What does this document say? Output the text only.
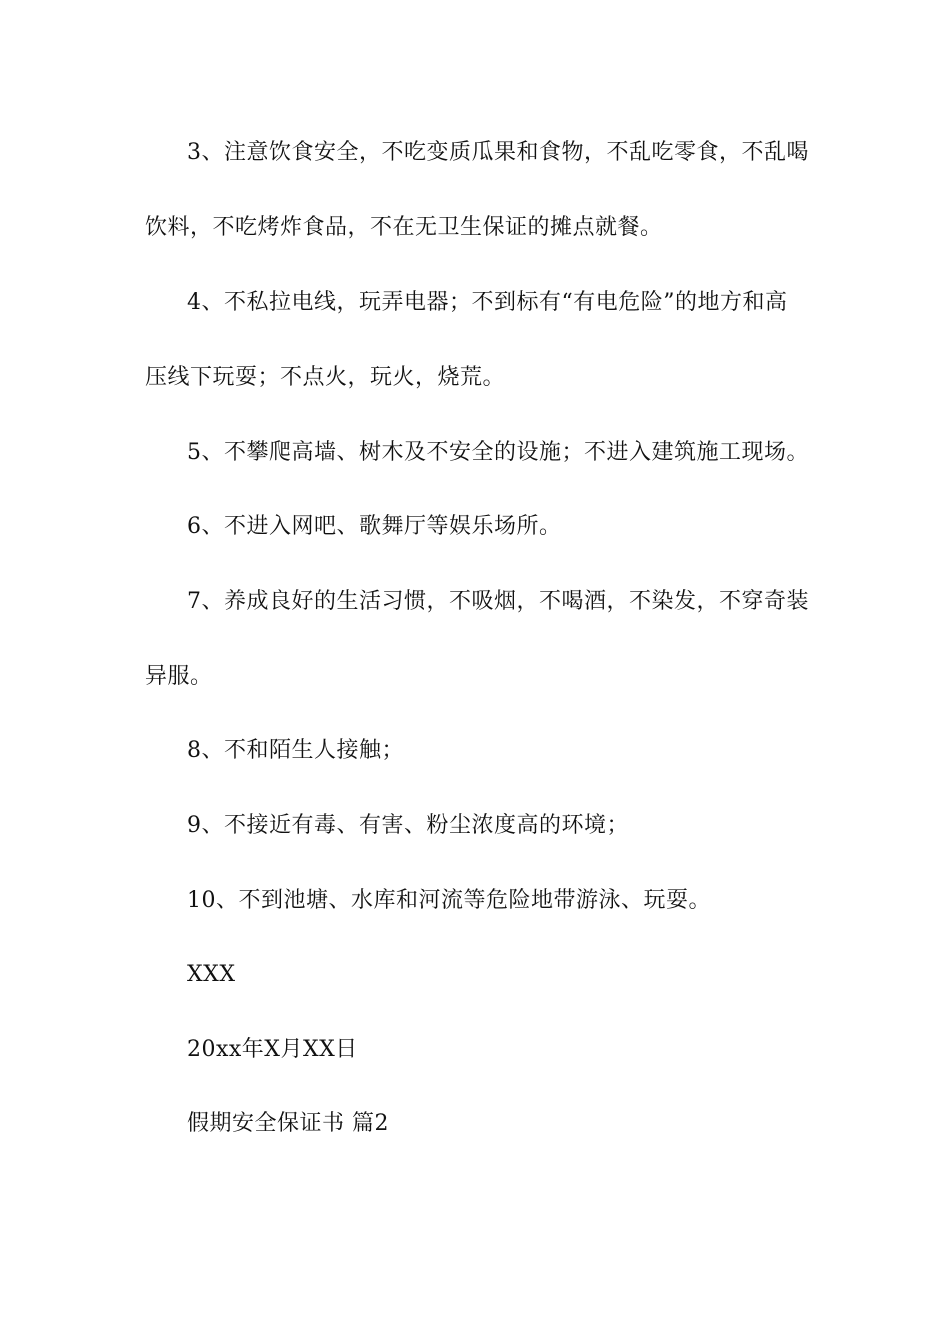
3、注意饮食安全，不吃变质瓜果和食物，不乱吃零食，不乱喝
饮料，不吃烤炸食品，不在无卫生保证的摊点就餐。
4、不私拉电线，玩弄电器；不到标有“有电危险”的地方和高
压线下玩耍；不点火，玩火，烧荒。
5、不攀爬高墙、树木及不安全的设施；不进入建筑施工现场。
6、不进入网吧、歌舞厅等娱乐场所。
7、养成良好的生活习惯，不吸烟，不喝酒，不染发，不穿奇装
异服。
8、不和陌生人接触；
9、不接近有毒、有害、粉尘浓度高的环境；
10、不到池塘、水库和河流等危险地带游泳、玩耍。
XXX
20xx年X月XX日
假期安全保证书 篇2
